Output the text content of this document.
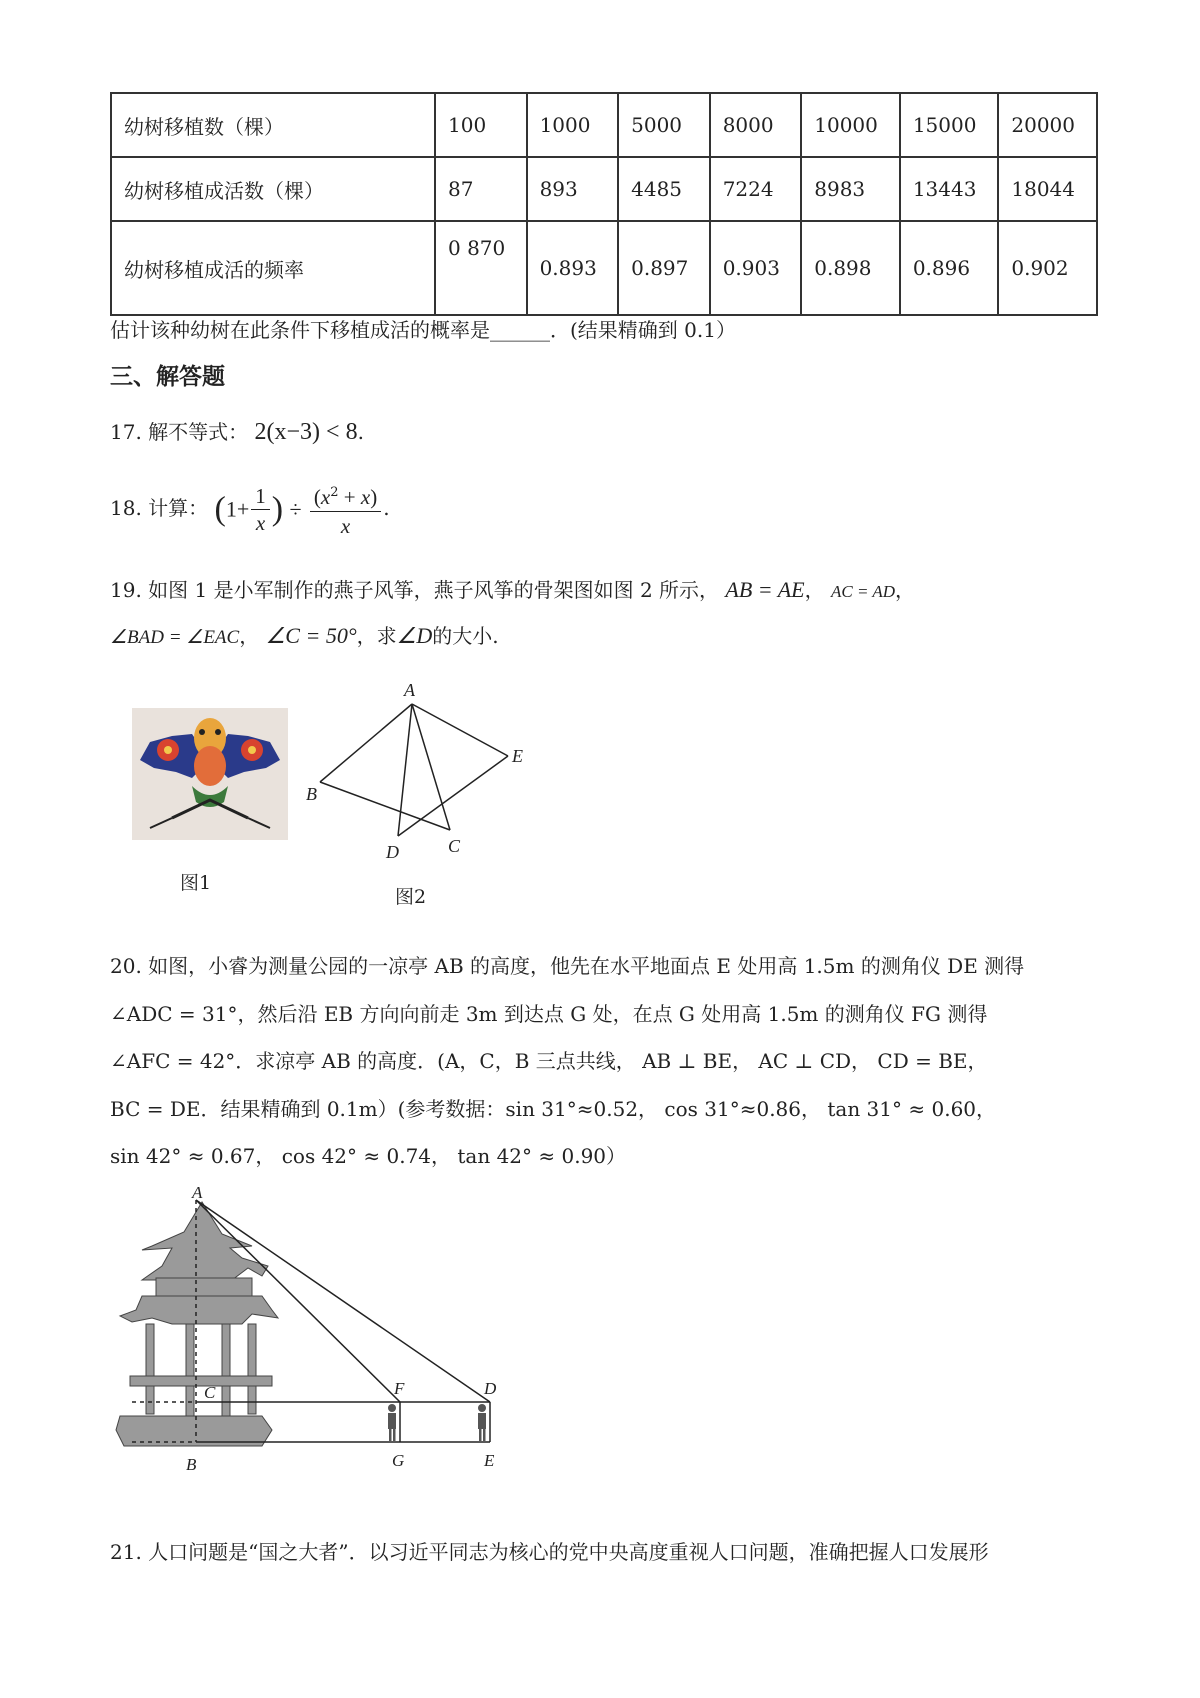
幼树移植数（棵）	100	1000	5000	8000	10000	15000	20000
幼树移植成活数（棵）	87	893	4485	7224	8983	13443	18044
幼树移植成活的频率	0 870	0.893	0.897	0.903	0.898	0.896	0.902
估计该种幼树在此条件下移植成活的概率是______．(结果精确到 0.1）
三、解答题
17. 解不等式： 2(x−3) < 8.
18. 计算： ($1+ \frac{1}{x}$ ) ÷ $\frac{(x^2 + x)}{x}$ .
19. 如图 1 是小军制作的燕子风筝，燕子风筝的骨架图如图 2 所示， AB = AE， AC = AD，
∠BAD = ∠EAC， ∠C = 50°，求∠D的大小.
图1
A
B
E
D	C
图2
20. 如图，小睿为测量公园的一凉亭 AB 的高度，他先在水平地面点 E 处用高 1.5m 的测角仪 DE 测得
∠ADC = 31°，然后沿 EB 方向向前走 3m 到达点 G 处，在点 G 处用高 1.5m 的测角仪 FG 测得
∠AFC = 42°．求凉亭 AB 的高度．(A，C，B 三点共线， AB ⊥ BE， AC ⊥ CD， CD = BE，
BC = DE．结果精确到 0.1m）(参考数据：sin 31°≈0.52， cos 31°≈0.86， tan 31° ≈ 0.60，
sin 42° ≈ 0.67， cos 42° ≈ 0.74， tan 42° ≈ 0.90）
A
C	F	D
B	G	E
21. 人口问题是“国之大者”．以习近平同志为核心的党中央高度重视人口问题，准确把握人口发展形
